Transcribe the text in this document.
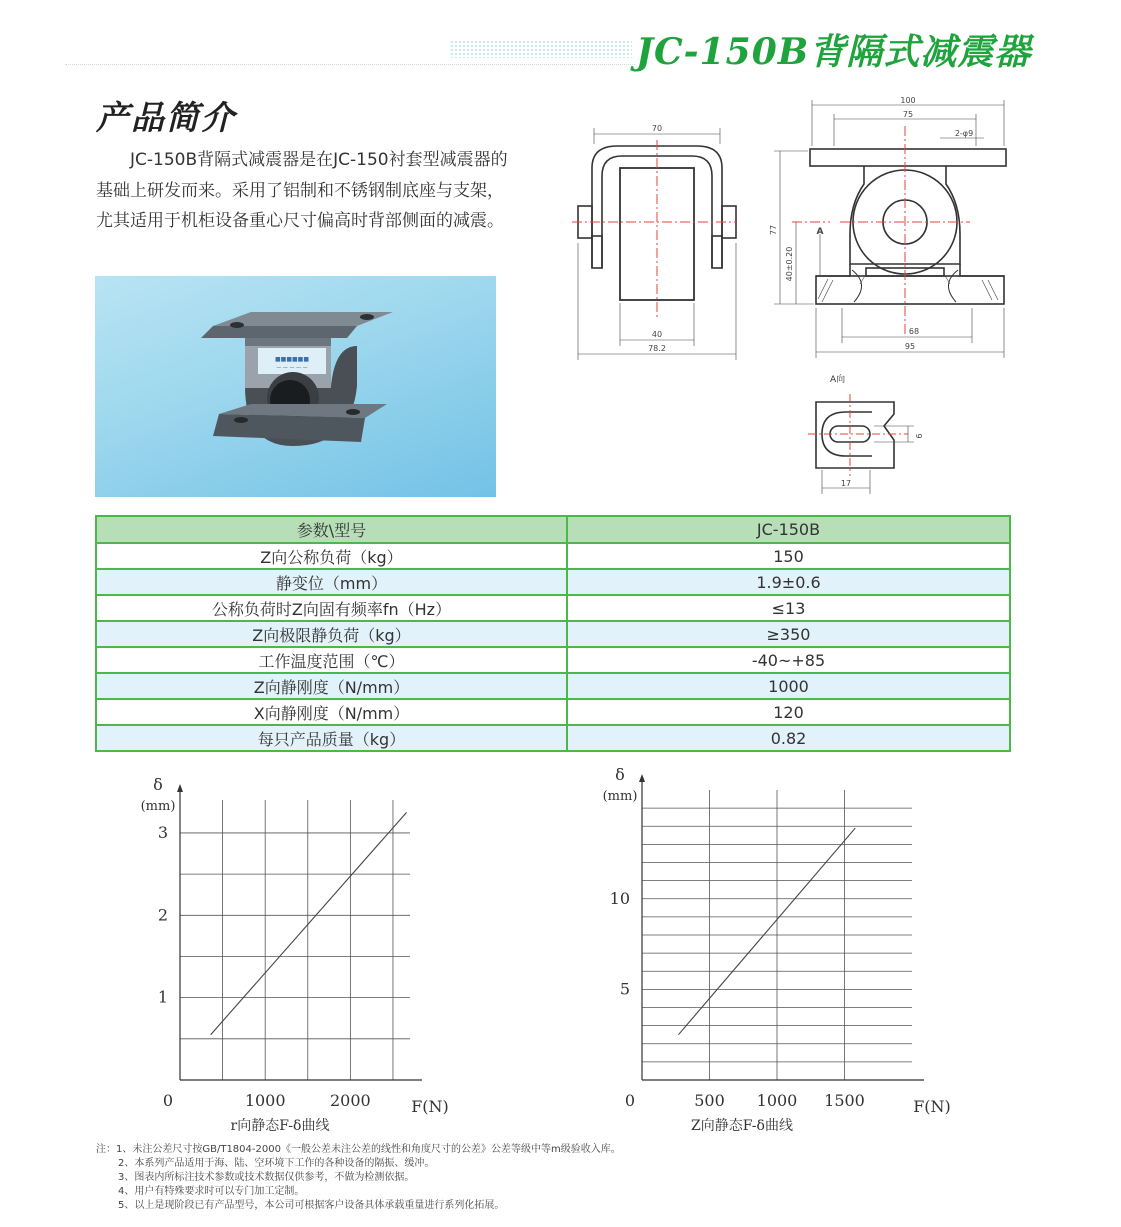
JC-150B背隔式减震器
产品简介
JC-150B背隔式减震器是在JC-150衬套型减震器的基础上研发而来。采用了铝制和不锈钢制底座与支架，尤其适用于机柜设备重心尺寸偏高时背部侧面的减震。
■■■■■■
— — — — —
70
40
78.2
100
75
2-φ9
68
95
77
40±0.20
A
A向
17
9
参数\型号	JC-150B
Z向公称负荷（kg）	150
静变位（mm）	1.9±0.6
公称负荷时Z向固有频率fn（Hz）	≤13
Z向极限静负荷（kg）	≥350
工作温度范围（℃）	-40~+85
Z向静刚度（N/mm）	1000
X向静刚度（N/mm）	120
每只产品质量（kg）	0.82
0	1000	2000
1
2
3
δ
(mm)
F(N)
r向静态F-δ曲线
0	500 1000 1500
5
10
δ
(mm)
F(N)
Z向静态F-δ曲线

注：1、未注公差尺寸按GB/T1804-2000《一般公差未注公差的线性和角度尺寸的公差》公差等级中等m级验收入库。

2、本系列产品适用于海、陆、空环境下工作的各种设备的隔振、缓冲。

3、图表内所标注技术参数或技术数据仅供参考，不做为检测依据。

4、用户有特殊要求时可以专门加工定制。

5、以上是现阶段已有产品型号，本公司可根据客户设备具体承载重量进行系列化拓展。
